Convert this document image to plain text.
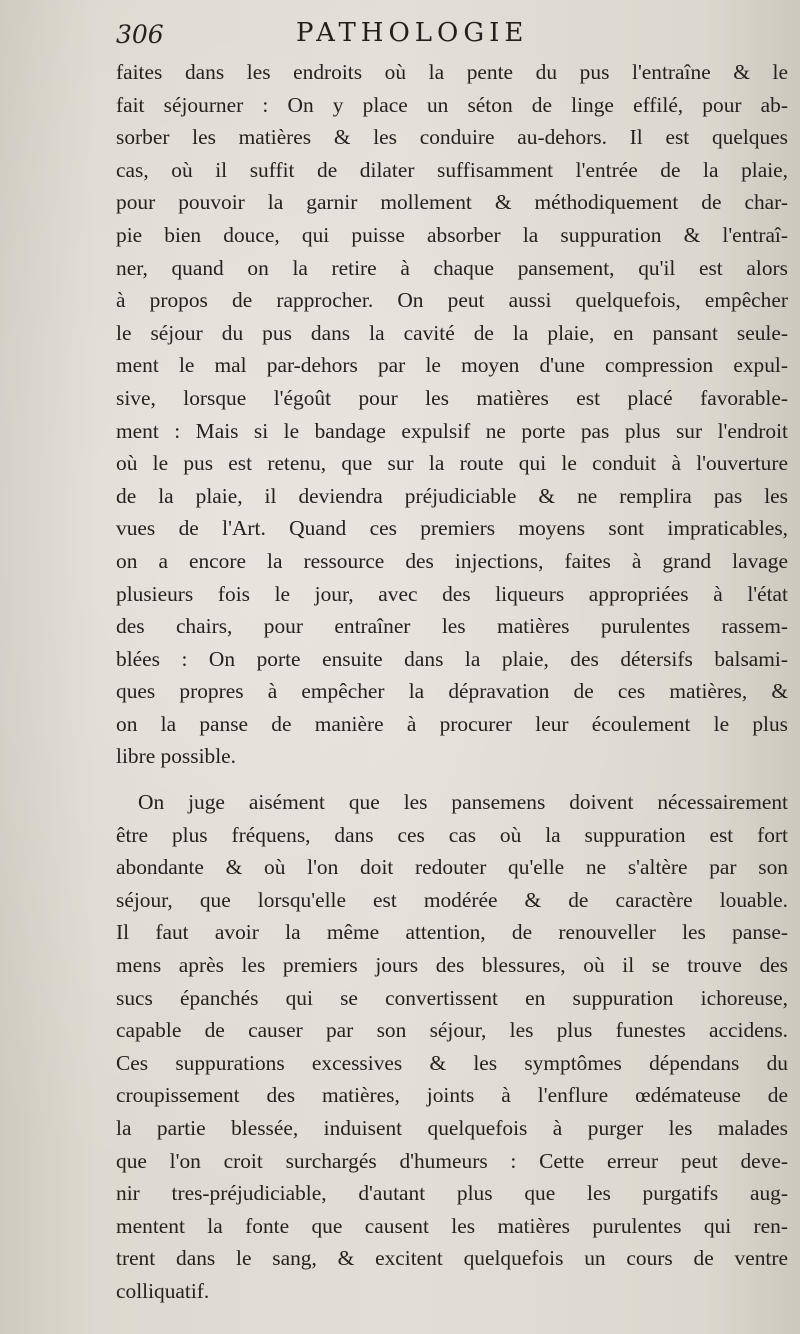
306	PATHOLOGIE
faites dans les endroits où la pente du pus l'entraîne & le
fait séjourner : On y place un séton de linge effilé, pour ab-
sorber les matières & les conduire au-dehors. Il est quelques
cas, où il suffit de dilater suffisamment l'entrée de la plaie,
pour pouvoir la garnir mollement & méthodiquement de char-
pie bien douce, qui puisse absorber la suppuration & l'entraî-
ner, quand on la retire à chaque pansement, qu'il est alors
à propos de rapprocher. On peut aussi quelquefois, empêcher
le séjour du pus dans la cavité de la plaie, en pansant seule-
ment le mal par-dehors par le moyen d'une compression expul-
sive, lorsque l'égoût pour les matières est placé favorable-
ment : Mais si le bandage expulsif ne porte pas plus sur l'endroit
où le pus est retenu, que sur la route qui le conduit à l'ouverture
de la plaie, il deviendra préjudiciable & ne remplira pas les
vues de l'Art. Quand ces premiers moyens sont impraticables,
on a encore la ressource des injections, faites à grand lavage
plusieurs fois le jour, avec des liqueurs appropriées à l'état
des chairs, pour entraîner les matières purulentes rassem-
blées : On porte ensuite dans la plaie, des détersifs balsami-
ques propres à empêcher la dépravation de ces matières, &
on la panse de manière à procurer leur écoulement le plus
libre possible.
On juge aisément que les pansemens doivent nécessairement
être plus fréquens, dans ces cas où la suppuration est fort
abondante & où l'on doit redouter qu'elle ne s'altère par son
séjour, que lorsqu'elle est modérée & de caractère louable.
Il faut avoir la même attention, de renouveller les panse-
mens après les premiers jours des blessures, où il se trouve des
sucs épanchés qui se convertissent en suppuration ichoreuse,
capable de causer par son séjour, les plus funestes accidens.
Ces suppurations excessives & les symptômes dépendans du
croupissement des matières, joints à l'enflure œdémateuse de
la partie blessée, induisent quelquefois à purger les malades
que l'on croit surchargés d'humeurs : Cette erreur peut deve-
nir tres-préjudiciable, d'autant plus que les purgatifs aug-
mentent la fonte que causent les matières purulentes qui ren-
trent dans le sang, & excitent quelquefois un cours de ventre
colliquatif.
